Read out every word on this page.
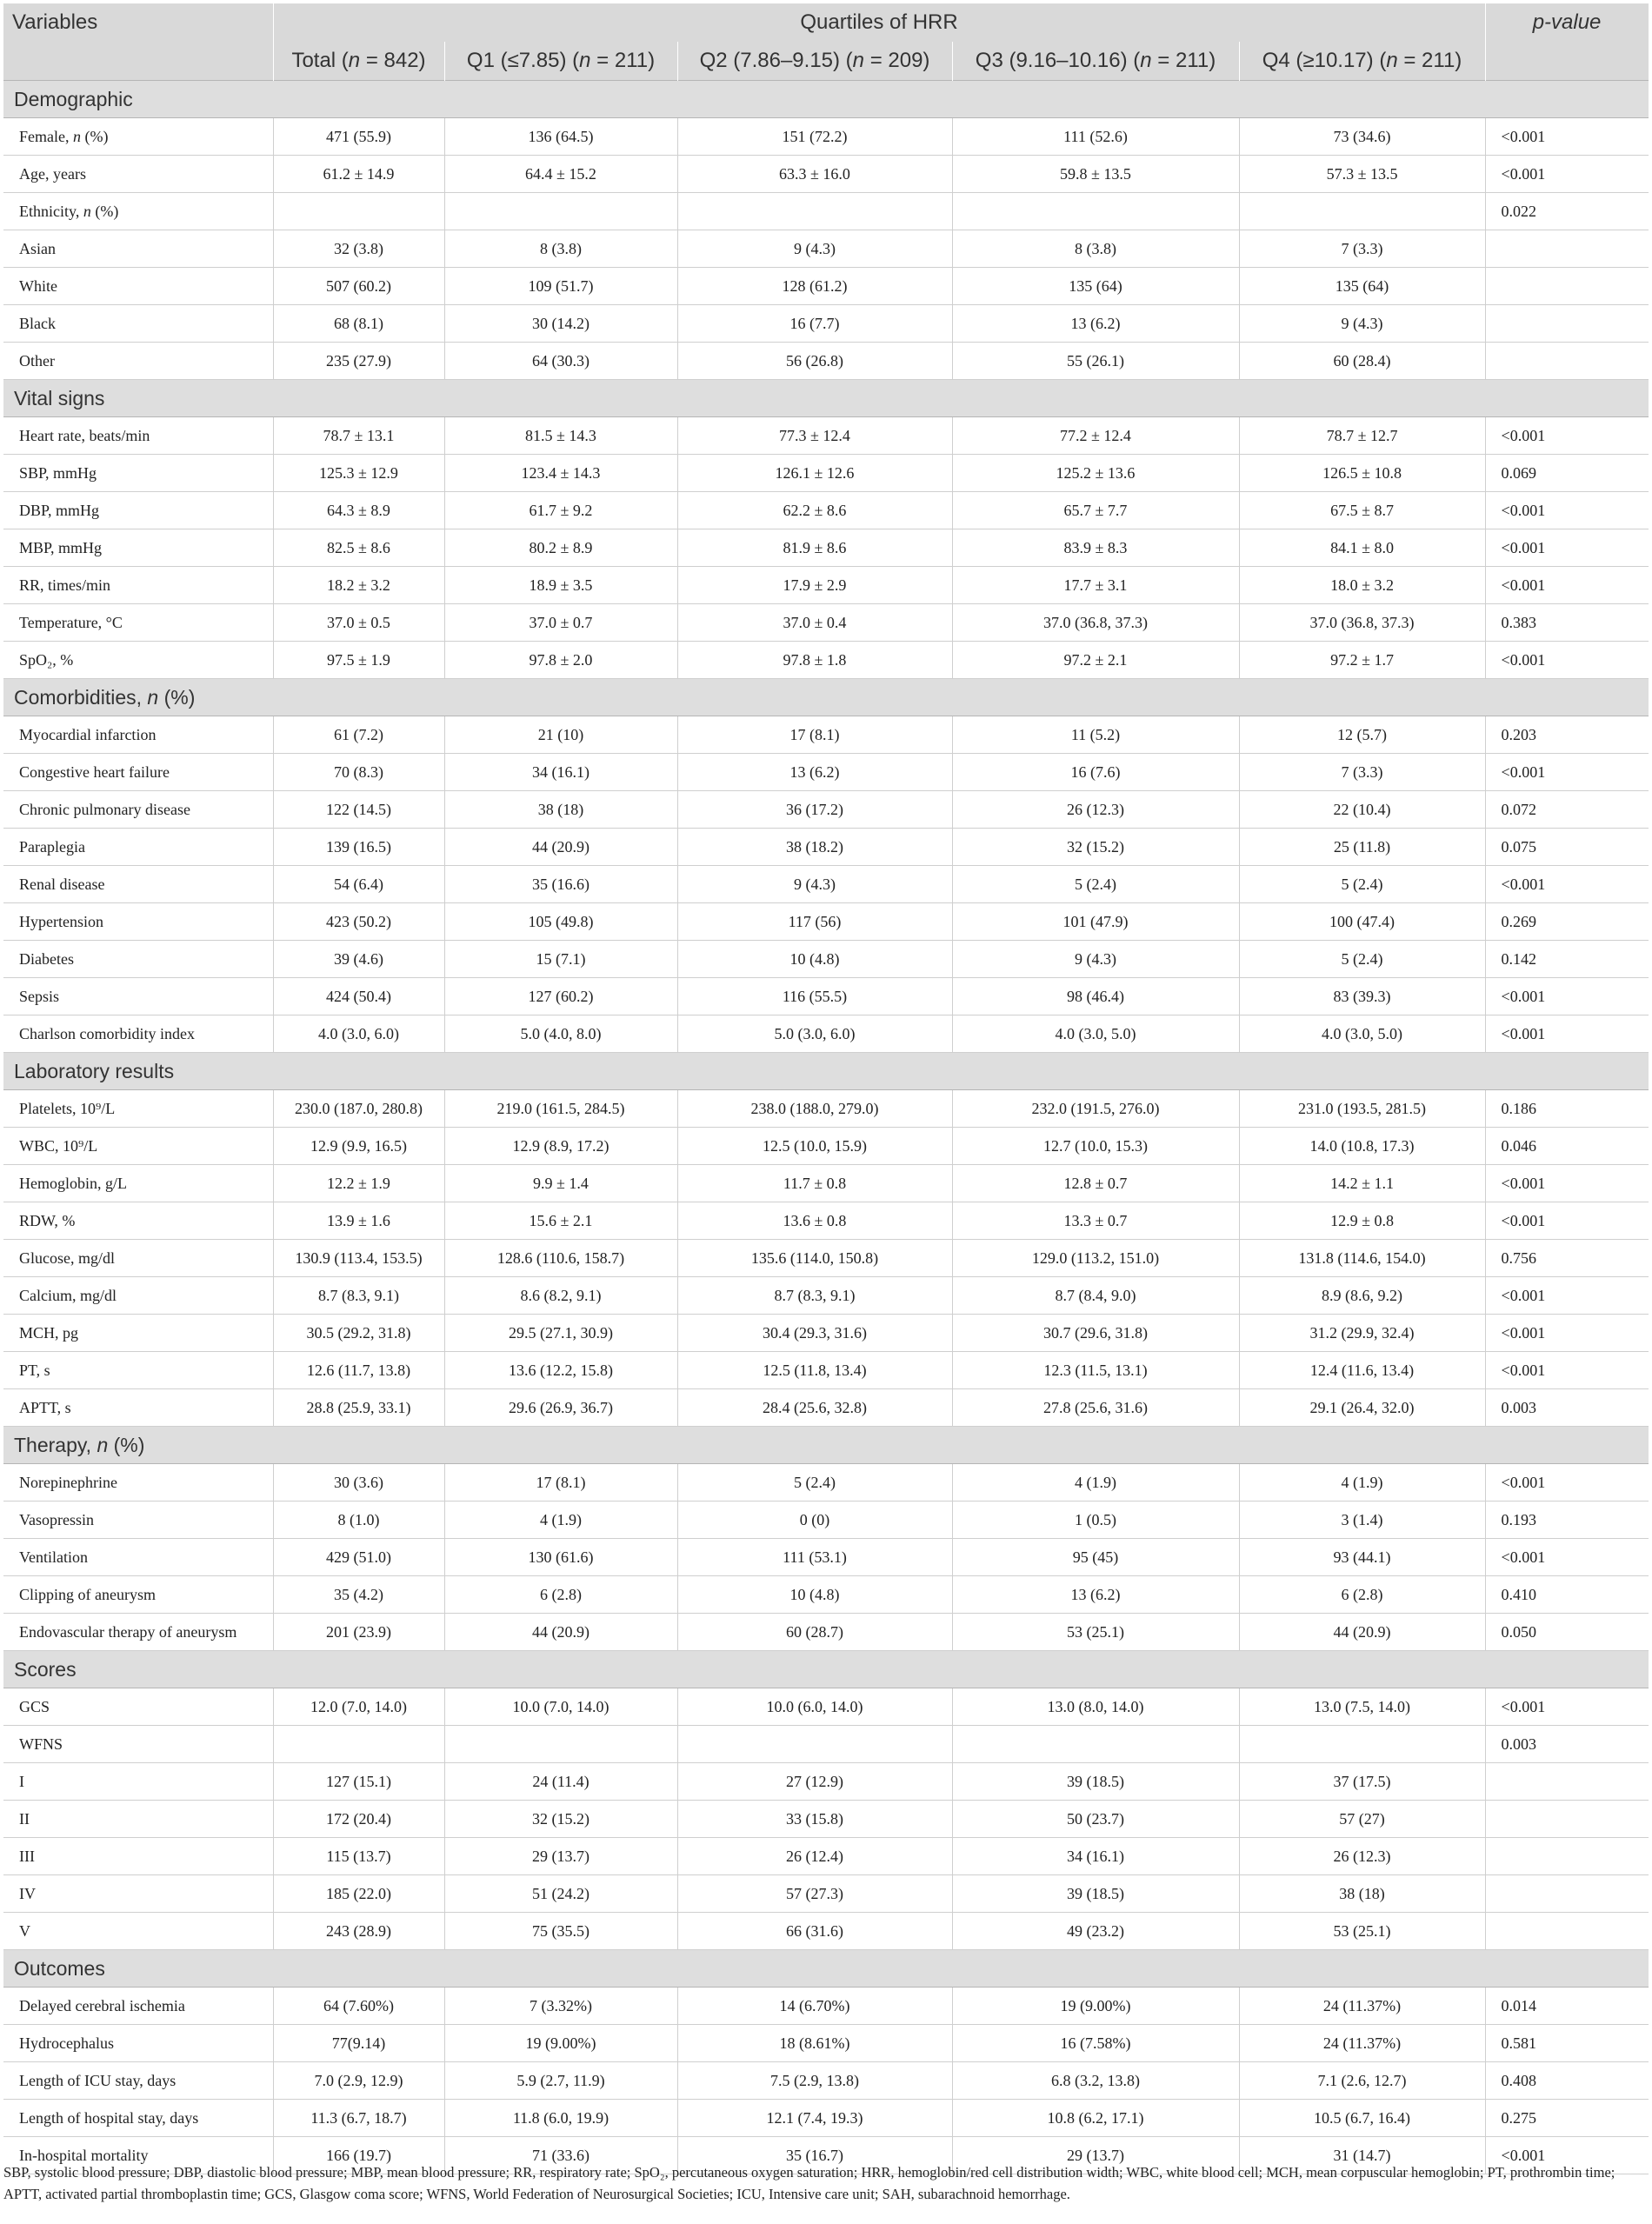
Variables	Quartiles of HRR					p-value
	Total (n = 842)	Q1 (≤7.85) (n = 211)	Q2 (7.86–9.15) (n = 209)	Q3 (9.16–10.16) (n = 211)	Q4 (≥10.17) (n = 211)	
Demographic						
Female, n (%)	471 (55.9)	136 (64.5)	151 (72.2)	111 (52.6)	73 (34.6)	<0.001
Age, years	61.2 ± 14.9	64.4 ± 15.2	63.3 ± 16.0	59.8 ± 13.5	57.3 ± 13.5	<0.001
Ethnicity, n (%)						0.022
Asian	32 (3.8)	8 (3.8)	9 (4.3)	8 (3.8)	7 (3.3)	
White	507 (60.2)	109 (51.7)	128 (61.2)	135 (64)	135 (64)	
Black	68 (8.1)	30 (14.2)	16 (7.7)	13 (6.2)	9 (4.3)	
Other	235 (27.9)	64 (30.3)	56 (26.8)	55 (26.1)	60 (28.4)	
Vital signs						
Heart rate, beats/min	78.7 ± 13.1	81.5 ± 14.3	77.3 ± 12.4	77.2 ± 12.4	78.7 ± 12.7	<0.001
SBP, mmHg	125.3 ± 12.9	123.4 ± 14.3	126.1 ± 12.6	125.2 ± 13.6	126.5 ± 10.8	0.069
DBP, mmHg	64.3 ± 8.9	61.7 ± 9.2	62.2 ± 8.6	65.7 ± 7.7	67.5 ± 8.7	<0.001
MBP, mmHg	82.5 ± 8.6	80.2 ± 8.9	81.9 ± 8.6	83.9 ± 8.3	84.1 ± 8.0	<0.001
RR, times/min	18.2 ± 3.2	18.9 ± 3.5	17.9 ± 2.9	17.7 ± 3.1	18.0 ± 3.2	<0.001
Temperature, °C	37.0 ± 0.5	37.0 ± 0.7	37.0 ± 0.4	37.0 (36.8, 37.3)	37.0 (36.8, 37.3)	0.383
SpO₂, %	97.5 ± 1.9	97.8 ± 2.0	97.8 ± 1.8	97.2 ± 2.1	97.2 ± 1.7	<0.001
Comorbidities, n (%)						
Myocardial infarction	61 (7.2)	21 (10)	17 (8.1)	11 (5.2)	12 (5.7)	0.203
Congestive heart failure	70 (8.3)	34 (16.1)	13 (6.2)	16 (7.6)	7 (3.3)	<0.001
Chronic pulmonary disease	122 (14.5)	38 (18)	36 (17.2)	26 (12.3)	22 (10.4)	0.072
Paraplegia	139 (16.5)	44 (20.9)	38 (18.2)	32 (15.2)	25 (11.8)	0.075
Renal disease	54 (6.4)	35 (16.6)	9 (4.3)	5 (2.4)	5 (2.4)	<0.001
Hypertension	423 (50.2)	105 (49.8)	117 (56)	101 (47.9)	100 (47.4)	0.269
Diabetes	39 (4.6)	15 (7.1)	10 (4.8)	9 (4.3)	5 (2.4)	0.142
Sepsis	424 (50.4)	127 (60.2)	116 (55.5)	98 (46.4)	83 (39.3)	<0.001
Charlson comorbidity index	4.0 (3.0, 6.0)	5.0 (4.0, 8.0)	5.0 (3.0, 6.0)	4.0 (3.0, 5.0)	4.0 (3.0, 5.0)	<0.001
Laboratory results						
Platelets, 10⁹/L	230.0 (187.0, 280.8)	219.0 (161.5, 284.5)	238.0 (188.0, 279.0)	232.0 (191.5, 276.0)	231.0 (193.5, 281.5)	0.186
WBC, 10⁹/L	12.9 (9.9, 16.5)	12.9 (8.9, 17.2)	12.5 (10.0, 15.9)	12.7 (10.0, 15.3)	14.0 (10.8, 17.3)	0.046
Hemoglobin, g/L	12.2 ± 1.9	9.9 ± 1.4	11.7 ± 0.8	12.8 ± 0.7	14.2 ± 1.1	<0.001
RDW, %	13.9 ± 1.6	15.6 ± 2.1	13.6 ± 0.8	13.3 ± 0.7	12.9 ± 0.8	<0.001
Glucose, mg/dl	130.9 (113.4, 153.5)	128.6 (110.6, 158.7)	135.6 (114.0, 150.8)	129.0 (113.2, 151.0)	131.8 (114.6, 154.0)	0.756
Calcium, mg/dl	8.7 (8.3, 9.1)	8.6 (8.2, 9.1)	8.7 (8.3, 9.1)	8.7 (8.4, 9.0)	8.9 (8.6, 9.2)	<0.001
MCH, pg	30.5 (29.2, 31.8)	29.5 (27.1, 30.9)	30.4 (29.3, 31.6)	30.7 (29.6, 31.8)	31.2 (29.9, 32.4)	<0.001
PT, s	12.6 (11.7, 13.8)	13.6 (12.2, 15.8)	12.5 (11.8, 13.4)	12.3 (11.5, 13.1)	12.4 (11.6, 13.4)	<0.001
APTT, s	28.8 (25.9, 33.1)	29.6 (26.9, 36.7)	28.4 (25.6, 32.8)	27.8 (25.6, 31.6)	29.1 (26.4, 32.0)	0.003
Therapy, n (%)						
Norepinephrine	30 (3.6)	17 (8.1)	5 (2.4)	4 (1.9)	4 (1.9)	<0.001
Vasopressin	8 (1.0)	4 (1.9)	0 (0)	1 (0.5)	3 (1.4)	0.193
Ventilation	429 (51.0)	130 (61.6)	111 (53.1)	95 (45)	93 (44.1)	<0.001
Clipping of aneurysm	35 (4.2)	6 (2.8)	10 (4.8)	13 (6.2)	6 (2.8)	0.410
Endovascular therapy of aneurysm	201 (23.9)	44 (20.9)	60 (28.7)	53 (25.1)	44 (20.9)	0.050
Scores						
GCS	12.0 (7.0, 14.0)	10.0 (7.0, 14.0)	10.0 (6.0, 14.0)	13.0 (8.0, 14.0)	13.0 (7.5, 14.0)	<0.001
WFNS						0.003
I	127 (15.1)	24 (11.4)	27 (12.9)	39 (18.5)	37 (17.5)	
II	172 (20.4)	32 (15.2)	33 (15.8)	50 (23.7)	57 (27)	
III	115 (13.7)	29 (13.7)	26 (12.4)	34 (16.1)	26 (12.3)	
IV	185 (22.0)	51 (24.2)	57 (27.3)	39 (18.5)	38 (18)	
V	243 (28.9)	75 (35.5)	66 (31.6)	49 (23.2)	53 (25.1)	
Outcomes						
Delayed cerebral ischemia	64 (7.60%)	7 (3.32%)	14 (6.70%)	19 (9.00%)	24 (11.37%)	0.014
Hydrocephalus	77(9.14)	19 (9.00%)	18 (8.61%)	16 (7.58%)	24 (11.37%)	0.581
Length of ICU stay, days	7.0 (2.9, 12.9)	5.9 (2.7, 11.9)	7.5 (2.9, 13.8)	6.8 (3.2, 13.8)	7.1 (2.6, 12.7)	0.408
Length of hospital stay, days	11.3 (6.7, 18.7)	11.8 (6.0, 19.9)	12.1 (7.4, 19.3)	10.8 (6.2, 17.1)	10.5 (6.7, 16.4)	0.275
In-hospital mortality	166 (19.7)	71 (33.6)	35 (16.7)	29 (13.7)	31 (14.7)	<0.001
SBP, systolic blood pressure; DBP, diastolic blood pressure; MBP, mean blood pressure; RR, respiratory rate; SpO₂, percutaneous oxygen saturation; HRR, hemoglobin/red cell distribution width; WBC, white blood cell; MCH, mean corpuscular hemoglobin; PT, prothrombin time; APTT, activated partial thromboplastin time; GCS, Glasgow coma score; WFNS, World Federation of Neurosurgical Societies; ICU, Intensive care unit; SAH, subarachnoid hemorrhage.
